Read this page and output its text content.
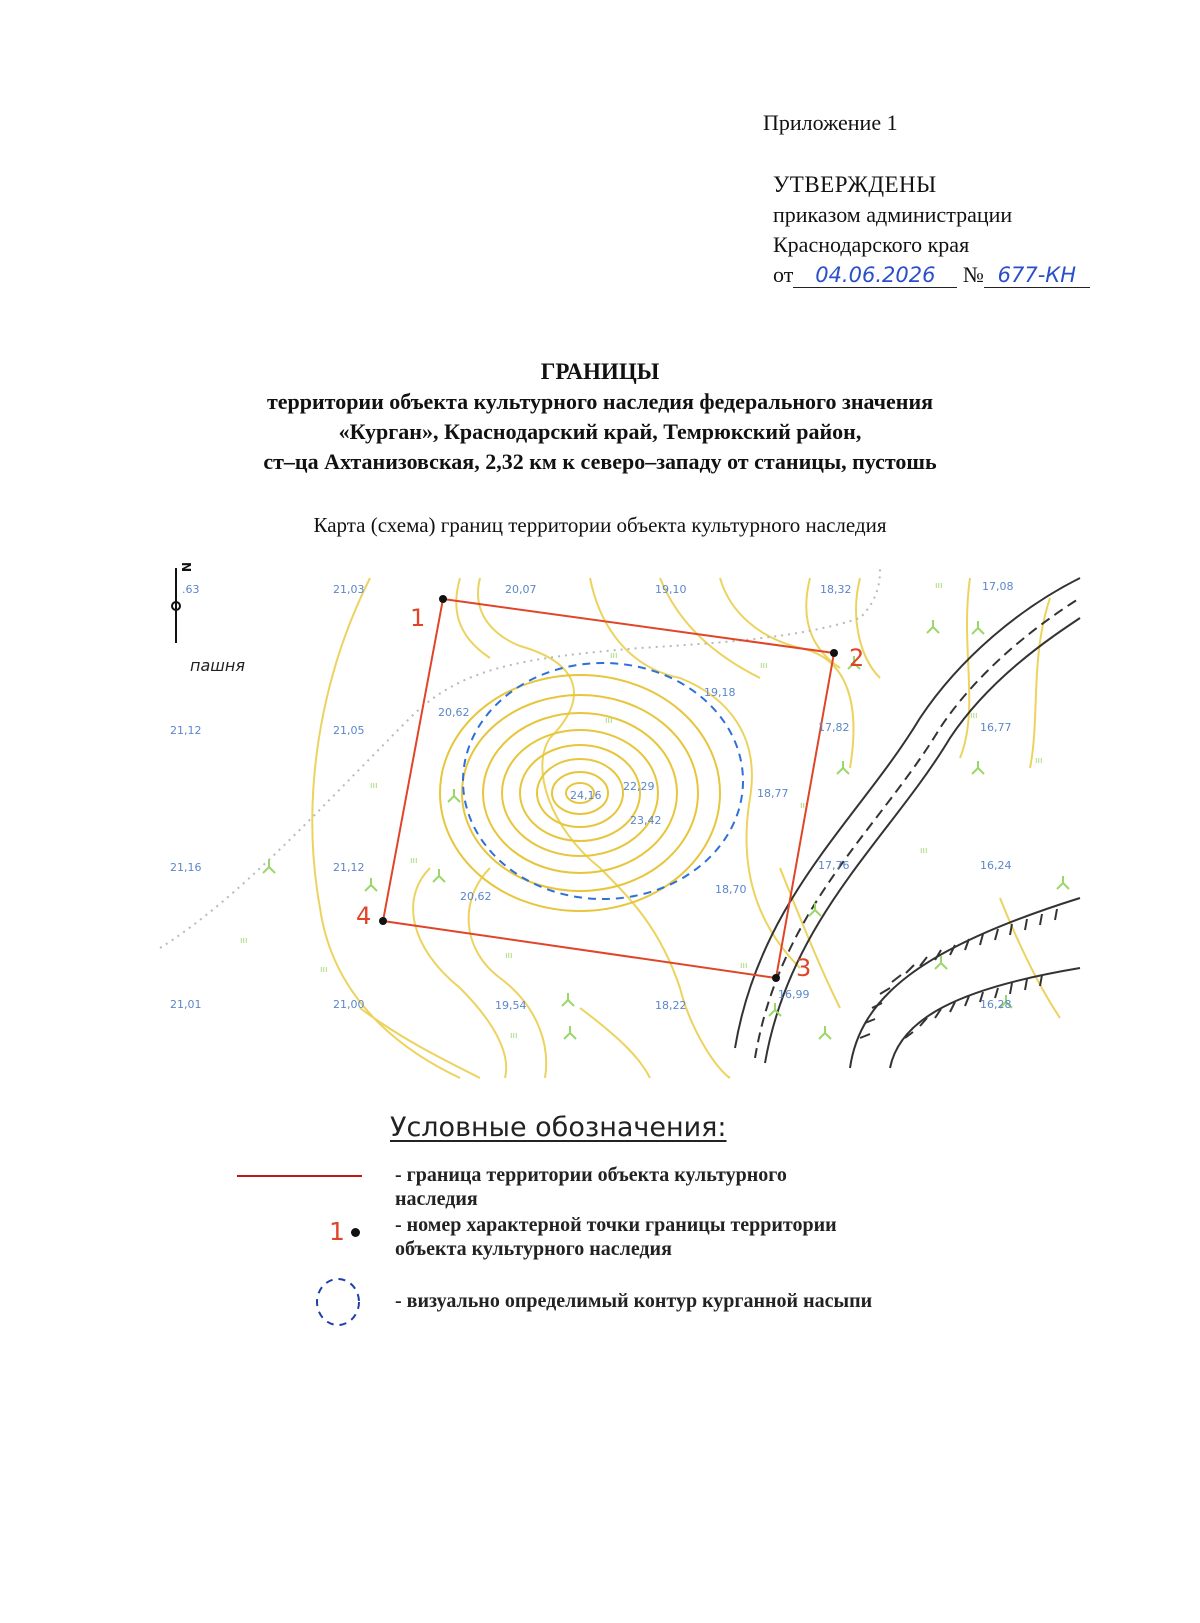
Приложение 1
УТВЕРЖДЕНЫ
приказом администрации
Краснодарского края
от 04.06.2026 № 677-КН
ГРАНИЦЫ
территории объекта культурного наследия федерального значения
«Курган», Краснодарский край, Темрюкский район,
ст–ца Ахтанизовская, 2,32 км к северо–западу от станицы, пустошь
Карта (схема) границ территории объекта культурного наследия
пашня
N
ııı
ııı
ııı
ııı
ııı
ııı
ııı
ııı
ııı
ııı
ııı
ııı
ııı
ııı
ııı
1
2
3
4
20,07	19,10	18,32	17,08
21,03
21,05
21,12
21,16
21,12
21,01	21,00	19,54	18,22
16,99
16,28
16,24
16,77
17,82
17,76
18,77
19,18
18,70
20,62
20,62
22,29
24,16
23,42
.63
Условные обозначения:
- граница территории объекта культурного
наследия
1	- номер характерной точки границы территории
объекта культурного наследия
- визуально определимый контур курганной насыпи
